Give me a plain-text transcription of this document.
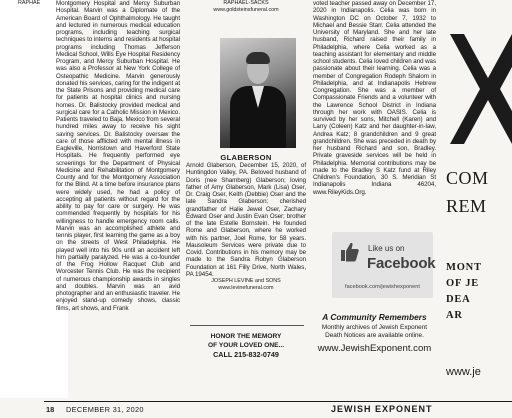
Montgomery Hospital and Mercy Suburban Hospital. Marvin was a Diplomate of the American Board of Ophthalmology. He taught and lectured in numerous medical education programs, including teaching surgical techniques to interns and residents at hospital programs including Thomas Jefferson Medical School, Wills Eye Hospital Residency Program, and Mercy Suburban Hospital. He was also a Professor at New York College of Osteopathic Medicine. Marvin generously donated his services, caring for the indigent at the State Prisons and providing medical care for patients at hospital clinics and nursing homes. Dr. Balistocky provided medical and surgical care for a Catholic Mission in Mexico. Patients traveled to Baja, Mexico from several hundred miles away to receive his sight saving services. Dr. Balistocky oversaw the care of those afflicted with mental illness in Eagleville, Norristown and Haverford State Hospitals. He frequently performed eye screenings for the Department of Physical Medicine and Rehabilitation of Montgomery County and for the Montgomery Association for the Blind. At a time before insurance plans were widely used, he had a policy of accepting all patients without regard for the ability to pay for care or surgery. He was commended frequently by hospitals for his willingness to handle emergency room calls. Marvin was an accomplished athlete and tennis player, first learning the game as a boy on the streets of West Philadelphia. He played well into his 90s until an accident left him partially paralyzed. He was a co-founder of the Frog Hollow Racquet Club and Worcester Tennis Club. He was the recipient of numerous championship awards in singles and doubles. Marvin was an avid photographer and an enthusiastic traveler. He enjoyed stand-up comedy shows, classic films, art shows, and Frank

RAPHAEL-SACKS

www.goldsteinsfuneral.com

GLABERSON

Arnold Glaberson, December 15, 2020, of Huntingdon Valley, PA. Beloved husband of Doris (nee Shamberg) Glaberson; loving father of Amy Glaberson, Mark (Lisa) Oser, Dr. Craig Oser, Keith (Debbie) Oser and the late Sandra Glaberson; cherished grandfather of Halie Jewel Oser, Zachary Edward Oser and Justin Evan Oser; brother of the late Estelle Bornstein. He founded Rome and Glaberson, where he worked with his partner, Joel Rome, for 58 years. Mausoleum Services were private due to Covid. Contributions in his memory may be made to the Sandra Robyn Glaberson Foundation at 161 Filly Drive, North Wales, PA 19454.

JOSEPH LEVINE and SONS

www.levinefuneral.com

HONOR THE MEMORY

OF YOUR LOVED ONE...

CALL 215-832-0749

voted teacher passed away on December 17, 2020 in Indianapolis. Celia was born in Washington DC on October 7, 1932 to Michael and Bessie Starr. Celia attended the University of Maryland. She and her late husband, Richard raised their family in Philadelphia, where Celia worked as a teaching assistant for elementary and middle school students. Celia loved children and was passionate about their learning. Celia was a member of Congregation Rodeph Shalom in Philadelphia, and at Indianapolis Hebrew Congregation. She was a member of Compassionate Friends and a volunteer with the Lawrence School District in Indiana through her work with OASIS. Celia is survived by her sons, Mitchell (Karen) and Larry (Coleen) Katz and her daughter-in-law, Andrea Katz; 8 grandchildren and 9 great grandchildren. She was preceded in death by her husband Richard and son, Bradley. Private graveside services will be held in Philadelphia. Memorial contributions may be made to the Bradley S Katz fund at Riley Children's Foundation, 30 S. Meridian St Indianapolis Indiana 46204, www.RileyKids.Org.

Like us on
Facebook
facebook.com/jewishexponent

A Community Remembers

Monthly archives of Jewish Exponent
Death Notices are available online.

www.JewishExponent.com

RAPHAE
COM
REM
MONT
OF JE
DEA
AR
www.je
18 DECEMBER 31, 2020	JEWISH EXPONENT
